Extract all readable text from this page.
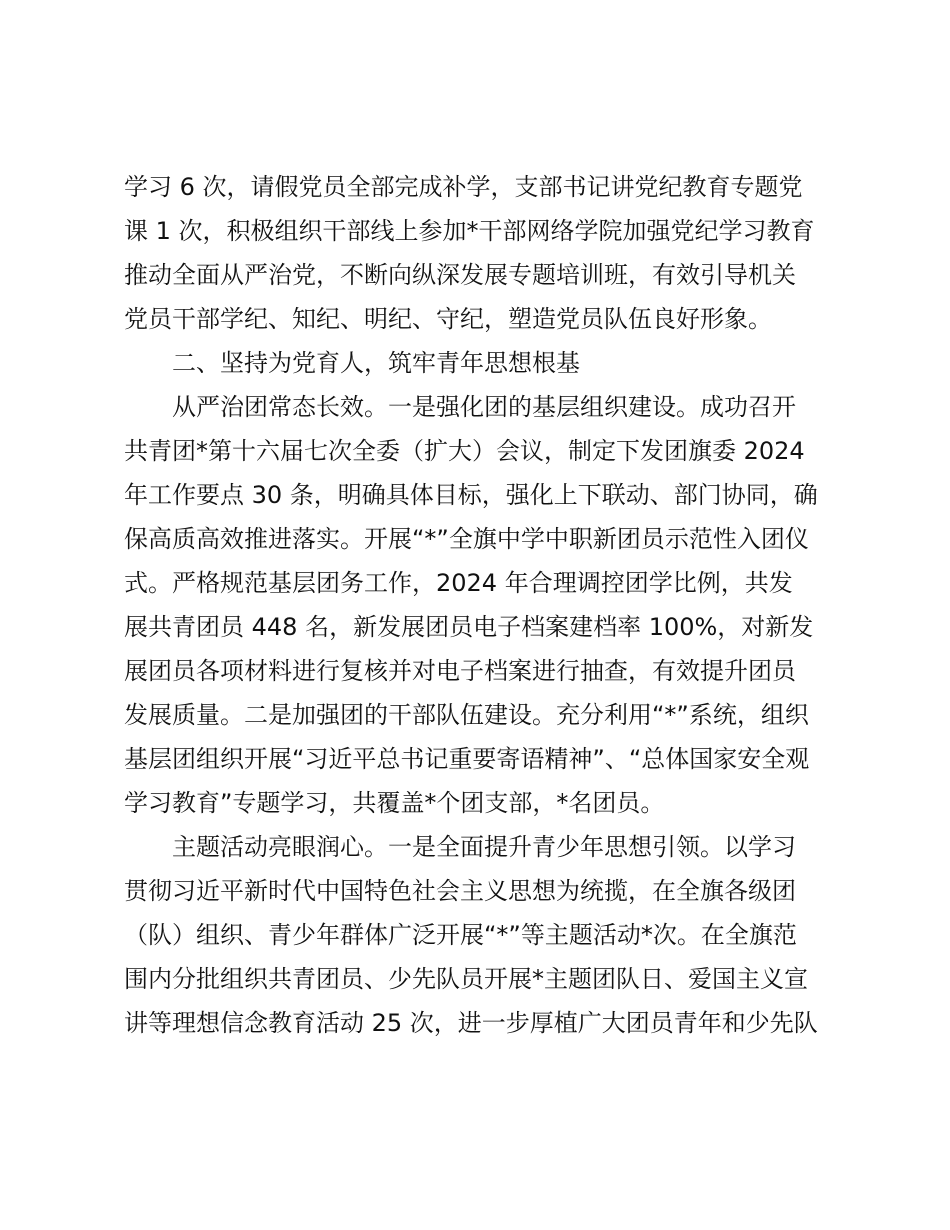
学习 6 次，请假党员全部完成补学，支部书记讲党纪教育专题党
课 1 次，积极组织干部线上参加*干部网络学院加强党纪学习教育
推动全面从严治党，不断向纵深发展专题培训班，有效引导机关
党员干部学纪、知纪、明纪、守纪，塑造党员队伍良好形象。
二、坚持为党育人，筑牢青年思想根基
从严治团常态长效。一是强化团的基层组织建设。成功召开
共青团*第十六届七次全委（扩大）会议，制定下发团旗委 2024
年工作要点 30 条，明确具体目标，强化上下联动、部门协同，确
保高质高效推进落实。开展“*”全旗中学中职新团员示范性入团仪
式。严格规范基层团务工作，2024 年合理调控团学比例，共发
展共青团员 448 名，新发展团员电子档案建档率 100%，对新发
展团员各项材料进行复核并对电子档案进行抽查，有效提升团员
发展质量。二是加强团的干部队伍建设。充分利用“*”系统，组织
基层团组织开展“习近平总书记重要寄语精神”、“总体国家安全观
学习教育”专题学习，共覆盖*个团支部，*名团员。
主题活动亮眼润心。一是全面提升青少年思想引领。以学习
贯彻习近平新时代中国特色社会主义思想为统揽，在全旗各级团
（队）组织、青少年群体广泛开展“*”等主题活动*次。在全旗范
围内分批组织共青团员、少先队员开展*主题团队日、爱国主义宣
讲等理想信念教育活动 25 次，进一步厚植广大团员青年和少先队
